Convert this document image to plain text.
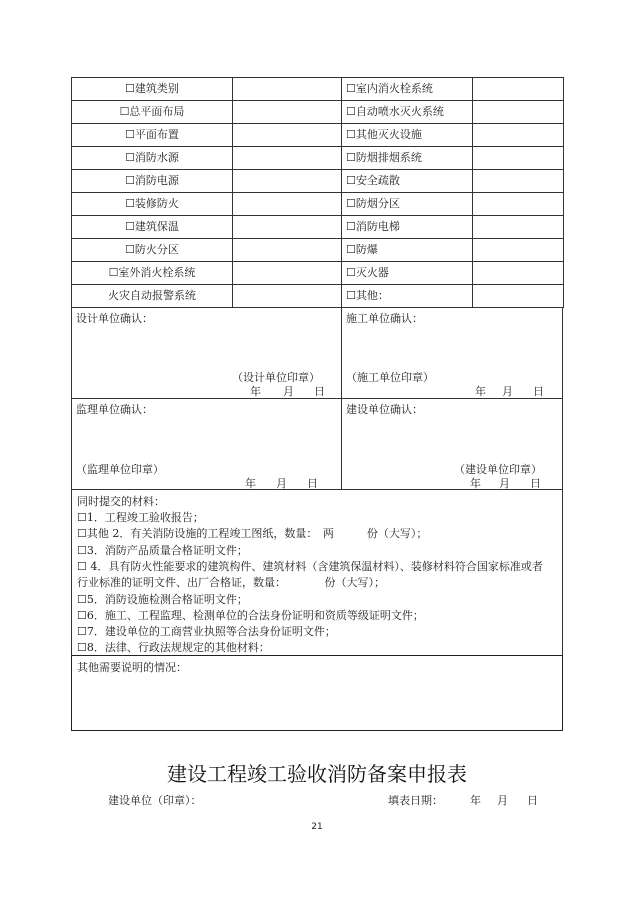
☐建筑类别		☐室内消火栓系统	
☐总平面布局		☐自动喷水灭火系统	
☐平面布置		☐其他灭火设施	
☐消防水源		☐防烟排烟系统	
☐消防电源		☐安全疏散	
☐装修防火		☐防烟分区	
☐建筑保温		☐消防电梯	
☐防火分区		☐防爆	
☐室外消火栓系统		☐灭火器	
火灾自动报警系统		☐其他：	
设计单位确认：
（设计单位印章）
年 月 日
施工单位确认：
（施工单位印章）
年 月 日
监理单位确认：
（监理单位印章）
年 月 日
建设单位确认：
（建设单位印章）
年 月 日
同时提交的材料：
☐1．工程竣工验收报告；
☐其他 2．有关消防设施的工程竣工图纸，数量：　两　　　份（大写）；
☐3．消防产品质量合格证明文件；
☐ 4．具有防火性能要求的建筑构件、建筑材料（含建筑保温材料）、装修材料符合国家标准或者
行业标准的证明文件、出厂合格证，数量：　　　　份（大写）；
☐5．消防设施检测合格证明文件；
☐6．施工、工程监理、检测单位的合法身份证明和资质等级证明文件；
☐7．建设单位的工商营业执照等合法身份证明文件；
☐8．法律、行政法规规定的其他材料：
其他需要说明的情况：
建设工程竣工验收消防备案申报表
建设单位（印章）：	填表日期： 年 月 日
21
